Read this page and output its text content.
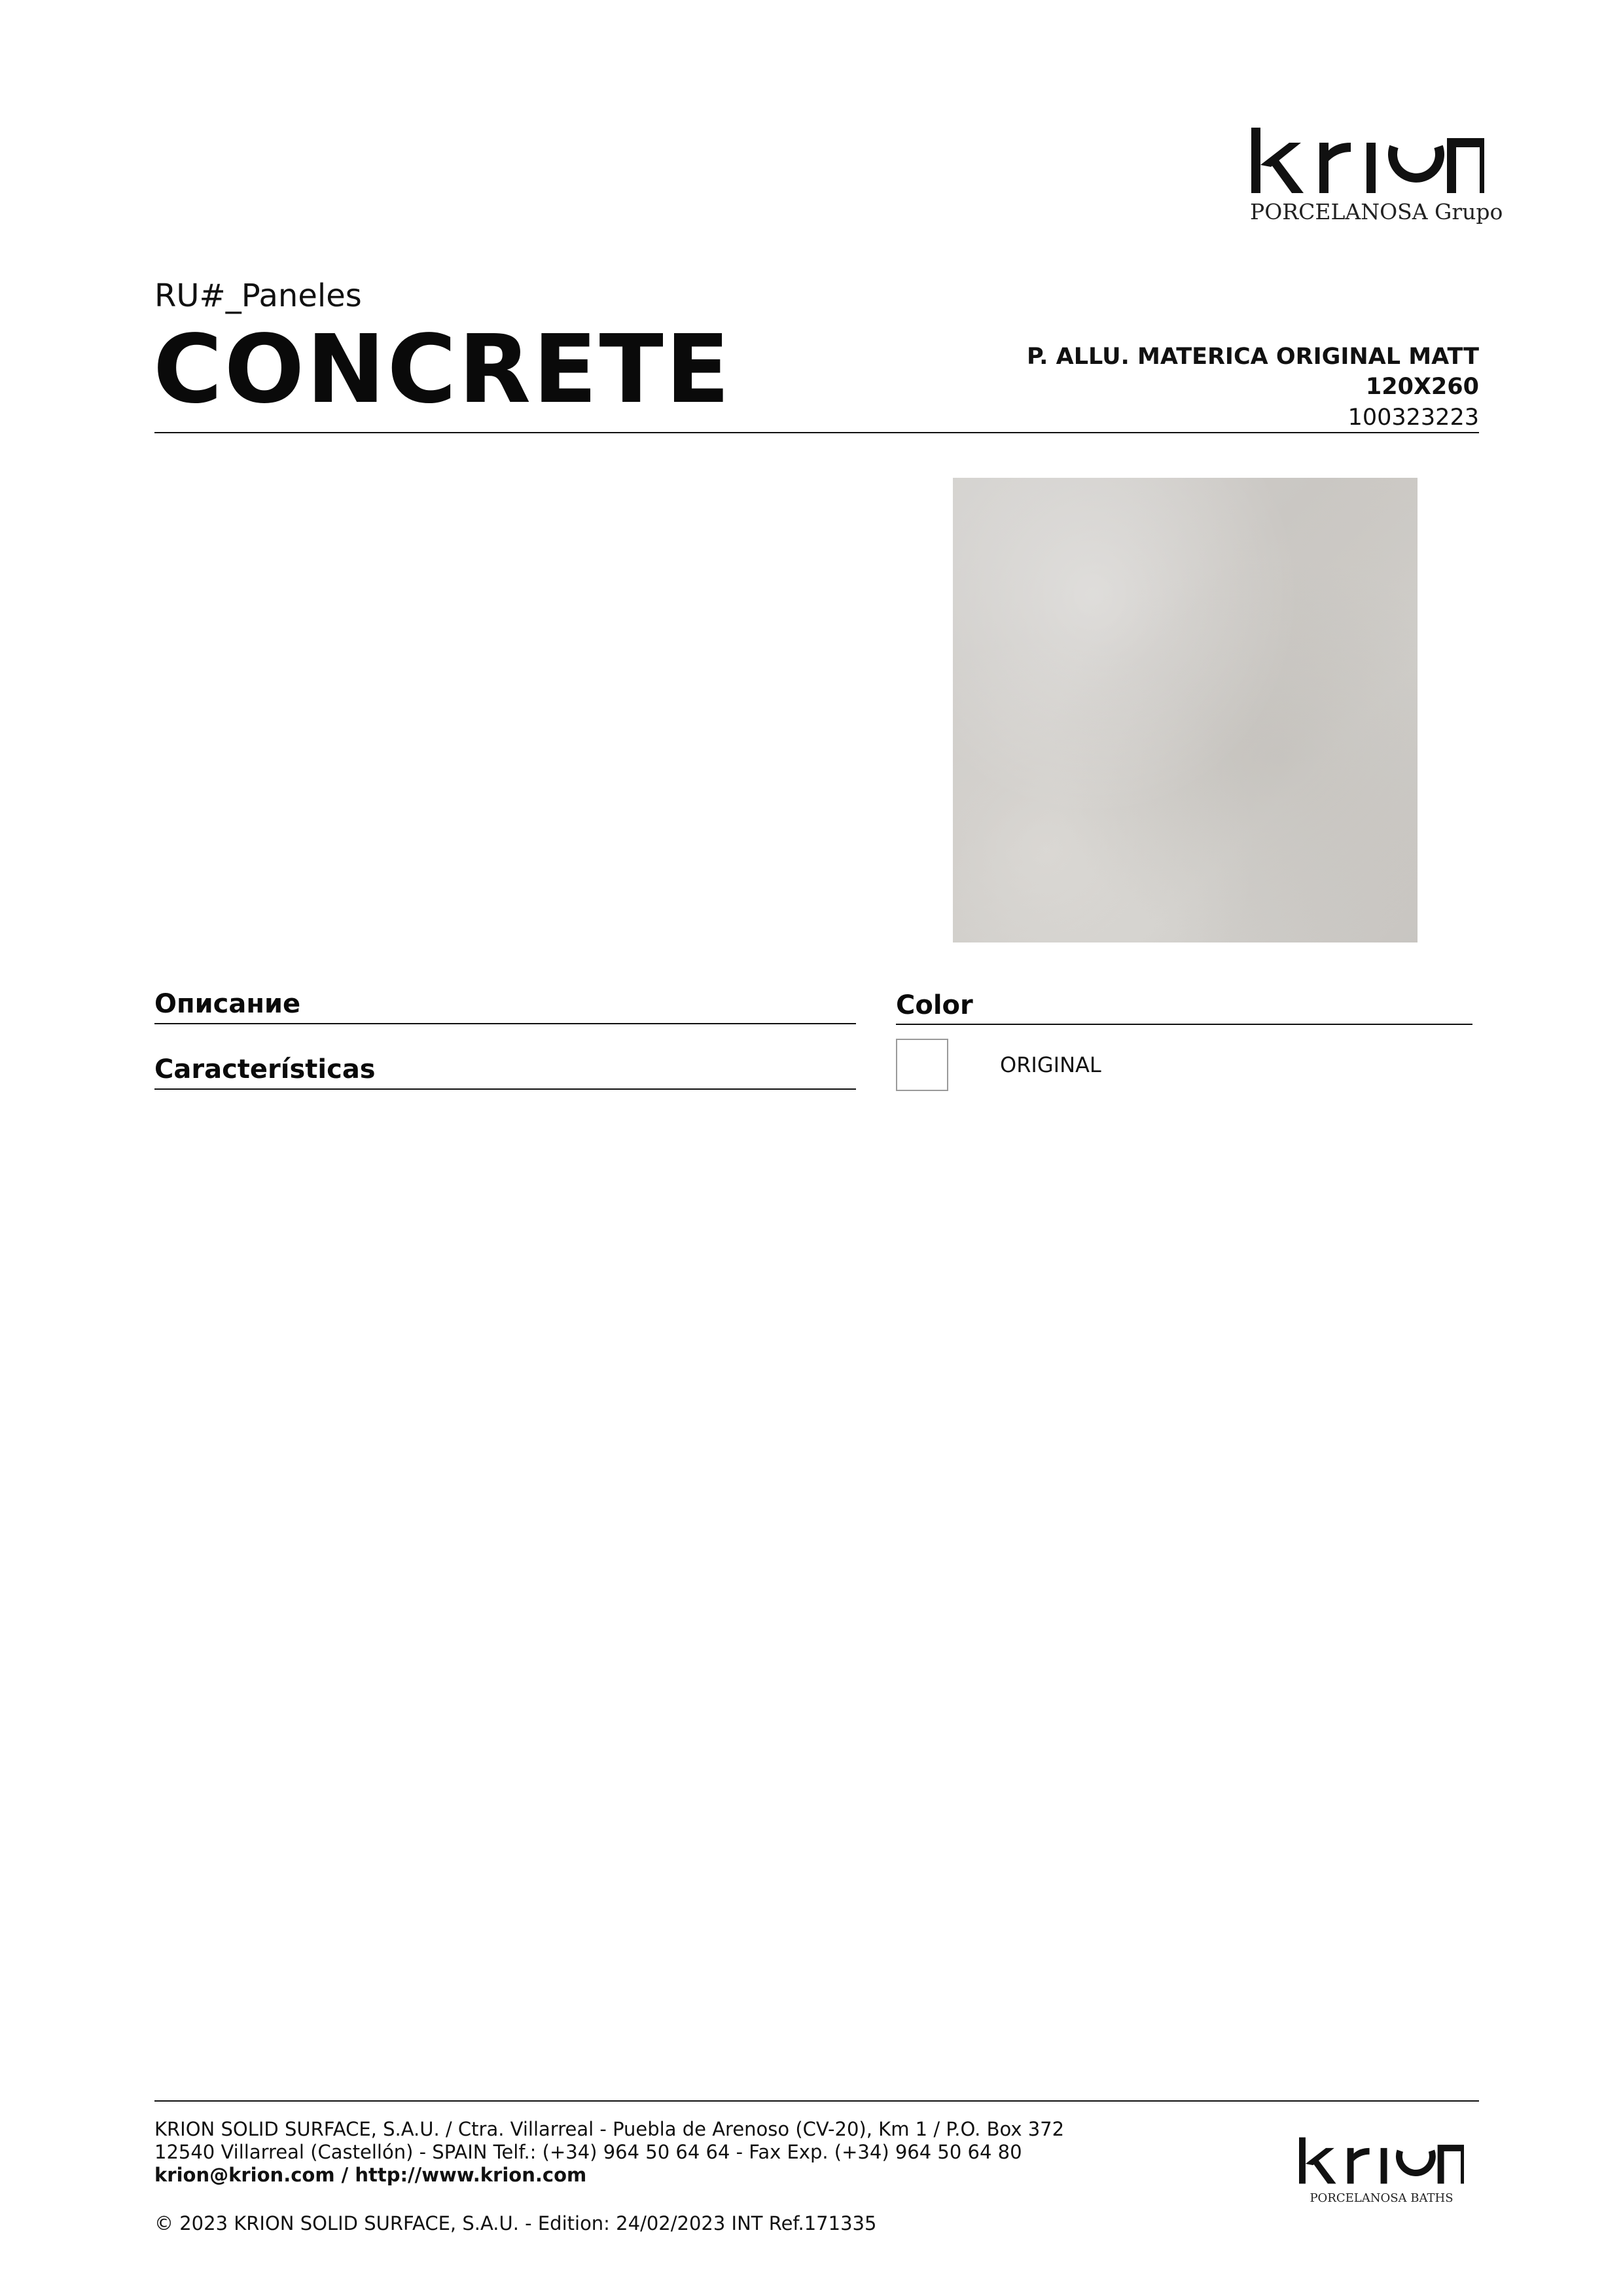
PORCELANOSA Grupo
RU#_Paneles
CONCRETE	P. ALLU. MATERICA ORIGINAL MATT
120X260
100323223
Описание
Características
Color
ORIGINAL
KRION SOLID SURFACE, S.A.U. / Ctra. Villarreal - Puebla de Arenoso (CV-20), Km 1 / P.O. Box 372
12540 Villarreal (Castellón) - SPAIN Telf.: (+34) 964 50 64 64 - Fax Exp. (+34) 964 50 64 80
krion@krion.com / http://www.krion.com
© 2023 KRION SOLID SURFACE, S.A.U. - Edition: 24/02/2023 INT Ref.171335
PORCELANOSA BATHS
